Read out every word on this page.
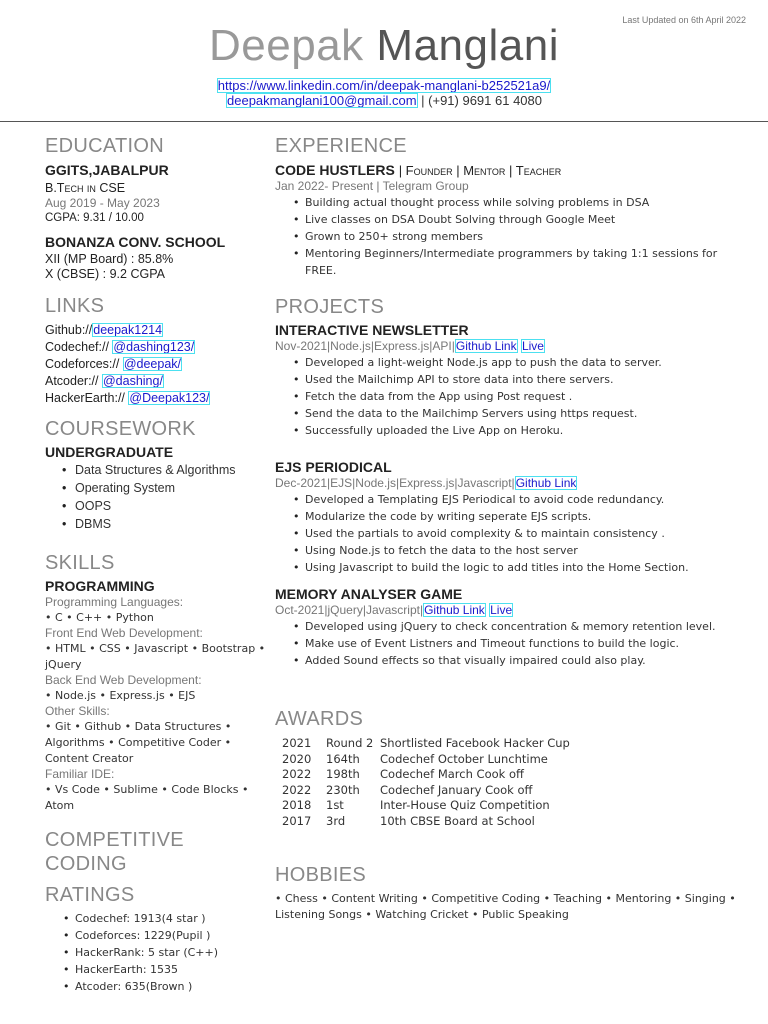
Last Updated on 6th April 2022
Deepak Manglani
https://www.linkedin.com/in/deepak-manglani-b252521a9/
deepakmanglani100@gmail.com | (+91) 9691 61 4080
EDUCATION
GGITS,JABALPUR
B.Tech in CSE
Aug 2019 - May 2023
CGPA: 9.31 / 10.00
BONANZA CONV. SCHOOL
XII (MP Board) : 85.8%
X (CBSE) : 9.2 CGPA
LINKS
Github://deepak1214
Codechef:// @dashing123/
Codeforces:// @deepak/
Atcoder:// @dashing/
HackerEarth:// @Deepak123/
COURSEWORK
UNDERGRADUATE
• Data Structures & Algorithms
• Operating System
• OOPS
• DBMS
SKILLS
PROGRAMMING
Programming Languages:
• C • C++ • Python
Front End Web Development:
• HTML • CSS • Javascript • Bootstrap • jQuery
Back End Web Development:
• Node.js • Express.js • EJS
Other Skills:
• Git • Github • Data Structures • Algorithms • Competitive Coder • Content Creator
Familiar IDE:
• Vs Code • Sublime • Code Blocks • Atom
COMPETITIVE CODING
RATINGS
• Codechef: 1913(4 star )
• Codeforces: 1229(Pupil )
• HackerRank: 5 star (C++)
• HackerEarth: 1535
• Atcoder: 635(Brown )
EXPERIENCE
CODE HUSTLERS | Founder | Mentor | Teacher
Jan 2022- Present | Telegram Group
• Building actual thought process while solving problems in DSA
• Live classes on DSA Doubt Solving through Google Meet
• Grown to 250+ strong members
• Mentoring Beginners/Intermediate programmers by taking 1:1 sessions for FREE.
PROJECTS
INTERACTIVE NEWSLETTER
Nov-2021|Node.js|Express.js|API|Github Link Live
• Developed a light-weight Node.js app to push the data to server.
• Used the Mailchimp API to store data into there servers.
• Fetch the data from the App using Post request .
• Send the data to the Mailchimp Servers using https request.
• Successfully uploaded the Live App on Heroku.
EJS PERIODICAL
Dec-2021|EJS|Node.js|Express.js|Javascript|Github Link
• Developed a Templating EJS Periodical to avoid code redundancy.
• Modularize the code by writing seperate EJS scripts.
• Used the partials to avoid complexity & to maintain consistency .
• Using Node.js to fetch the data to the host server
• Using Javascript to build the logic to add titles into the Home Section.
MEMORY ANALYSER GAME
Oct-2021|jQuery|Javascript|Github Link Live
• Developed using jQuery to check concentration & memory retention level.
• Make use of Event Listners and Timeout functions to build the logic.
• Added Sound effects so that visually impaired could also play.
AWARDS
2021	Round 2 Shortlisted Facebook Hacker Cup
2020	164th	Codechef October Lunchtime
2022	198th	Codechef March Cook off
2022	230th	Codechef January Cook off
2018	1st	Inter-House Quiz Competition
2017	3rd	10th CBSE Board at School
HOBBIES
• Chess • Content Writing • Competitive Coding • Teaching • Mentoring • Singing • Listening Songs • Watching Cricket • Public Speaking
